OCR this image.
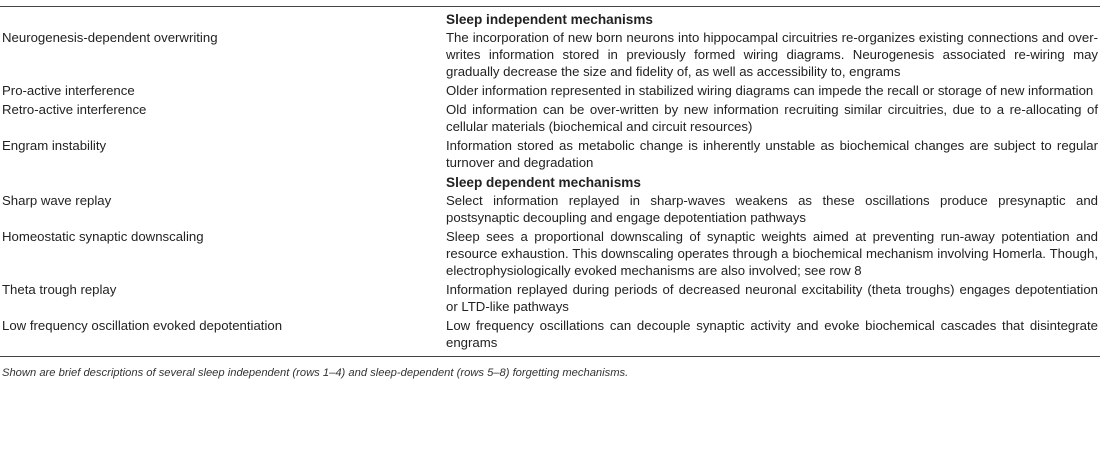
	Sleep independent mechanisms
Neurogenesis-dependent overwriting	The incorporation of new born neurons into hippocampal circuitries re-organizes existing connections and over-writes information stored in previously formed wiring diagrams. Neurogenesis associated re-wiring may gradually decrease the size and fidelity of, as well as accessibility to, engrams
Pro-active interference	Older information represented in stabilized wiring diagrams can impede the recall or storage of new information
Retro-active interference	Old information can be over-written by new information recruiting similar circuitries, due to a re-allocating of cellular materials (biochemical and circuit resources)
Engram instability	Information stored as metabolic change is inherently unstable as biochemical changes are subject to regular turnover and degradation
	Sleep dependent mechanisms
Sharp wave replay	Select information replayed in sharp-waves weakens as these oscillations produce presynaptic and postsynaptic decoupling and engage depotentiation pathways
Homeostatic synaptic downscaling	Sleep sees a proportional downscaling of synaptic weights aimed at preventing run-away potentiation and resource exhaustion. This downscaling operates through a biochemical mechanism involving Homerla. Though, electrophysiologically evoked mechanisms are also involved; see row 8
Theta trough replay	Information replayed during periods of decreased neuronal excitability (theta troughs) engages depotentiation or LTD-like pathways
Low frequency oscillation evoked depotentiation	Low frequency oscillations can decouple synaptic activity and evoke biochemical cascades that disintegrate engrams
Shown are brief descriptions of several sleep independent (rows 1–4) and sleep-dependent (rows 5–8) forgetting mechanisms.
